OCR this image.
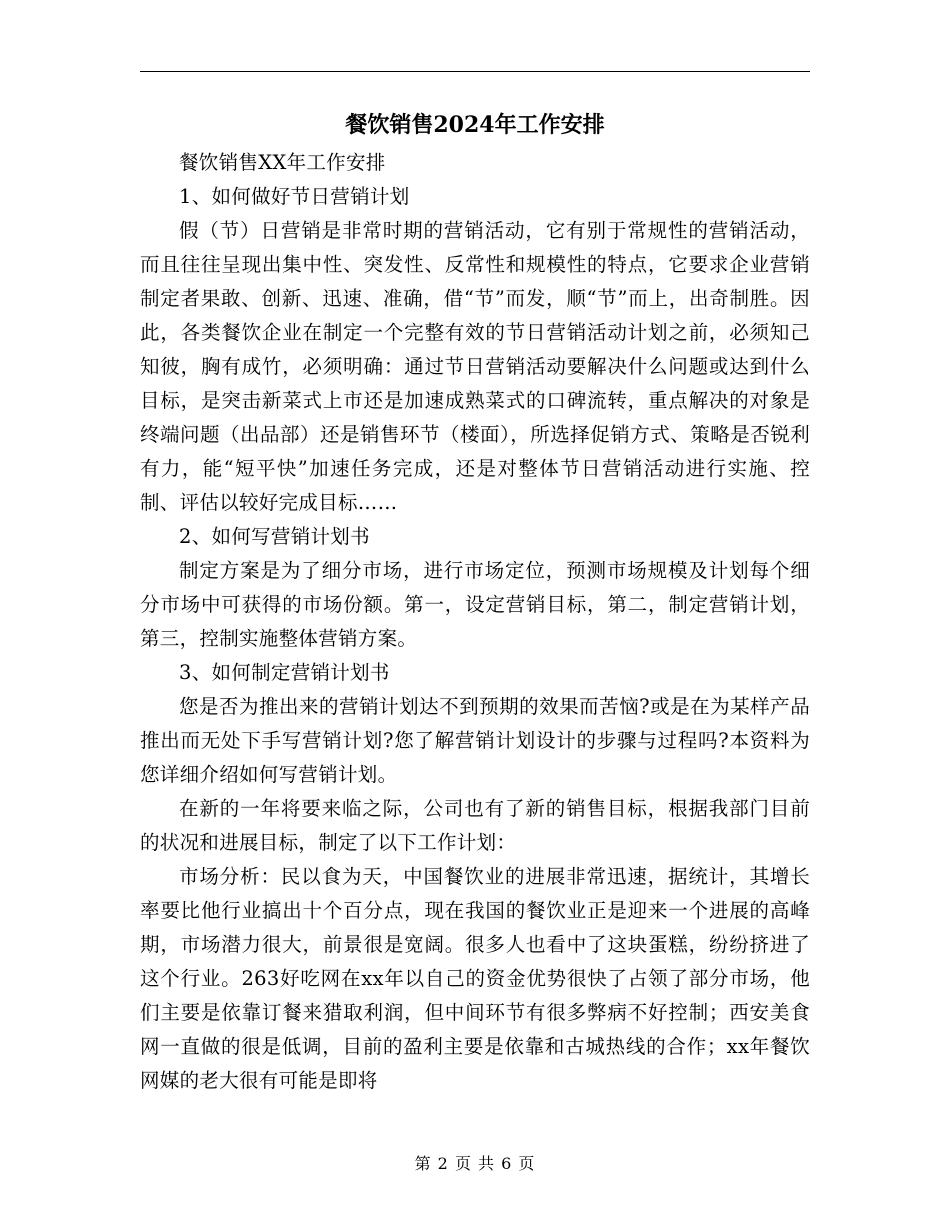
餐饮销售2024年工作安排

餐饮销售XX年工作安排

1、如何做好节日营销计划

假（节）日营销是非常时期的营销活动，它有别于常规性的营销活动，而且往往呈现出集中性、突发性、反常性和规模性的特点，它要求企业营销制定者果敢、创新、迅速、准确，借“节”而发，顺“节”而上，出奇制胜。因此，各类餐饮企业在制定一个完整有效的节日营销活动计划之前，必须知己知彼，胸有成竹，必须明确：通过节日营销活动要解决什么问题或达到什么目标，是突击新菜式上市还是加速成熟菜式的口碑流转，重点解决的对象是终端问题（出品部）还是销售环节（楼面），所选择促销方式、策略是否锐利有力，能“短平快”加速任务完成，还是对整体节日营销活动进行实施、控制、评估以较好完成目标……

2、如何写营销计划书

制定方案是为了细分市场，进行市场定位，预测市场规模及计划每个细分市场中可获得的市场份额。第一，设定营销目标，第二，制定营销计划，第三，控制实施整体营销方案。

3、如何制定营销计划书

您是否为推出来的营销计划达不到预期的效果而苦恼?或是在为某样产品推出而无处下手写营销计划?您了解营销计划设计的步骤与过程吗?本资料为您详细介绍如何写营销计划。

在新的一年将要来临之际，公司也有了新的销售目标，根据我部门目前的状况和进展目标，制定了以下工作计划：

市场分析：民以食为天，中国餐饮业的进展非常迅速，据统计，其增长率要比他行业搞出十个百分点，现在我国的餐饮业正是迎来一个进展的高峰期，市场潜力很大，前景很是宽阔。很多人也看中了这块蛋糕，纷纷挤进了这个行业。263好吃网在xx年以自己的资金优势很快了占领了部分市场，他们主要是依靠订餐来猎取利润，但中间环节有很多弊病不好控制；西安美食网一直做的很是低调，目前的盈利主要是依靠和古城热线的合作；xx年餐饮网媒的老大很有可能是即将

第 2 页 共 6 页
